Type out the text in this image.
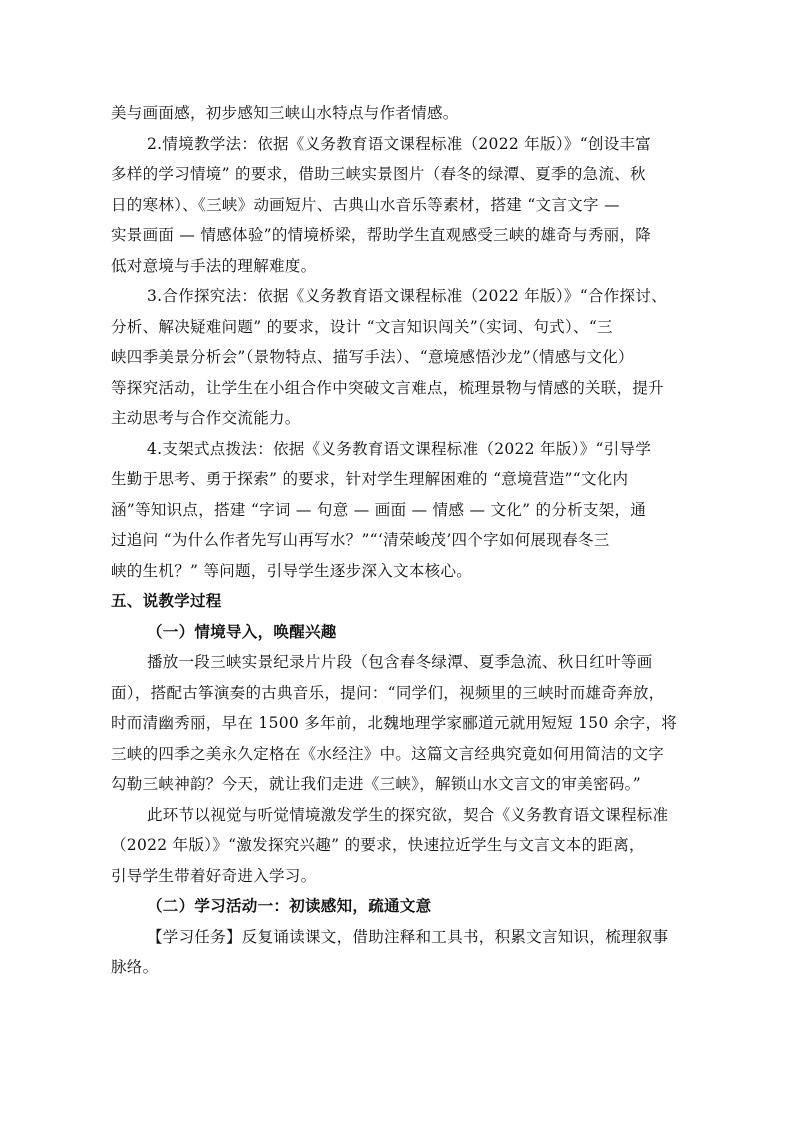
美与画面感，初步感知三峡山水特点与作者情感。
2.情境教学法：依据《义务教育语文课程标准（2022 年版）》“创设丰富
多样的学习情境” 的要求，借助三峡实景图片（春冬的绿潭、夏季的急流、秋
日的寒林）、《三峡》动画短片、古典山水音乐等素材，搭建 “文言文字 —
实景画面 — 情感体验”的情境桥梁，帮助学生直观感受三峡的雄奇与秀丽，降
低对意境与手法的理解难度。
3.合作探究法：依据《义务教育语文课程标准（2022 年版）》“合作探讨、
分析、解决疑难问题” 的要求，设计 “文言知识闯关”（实词、句式）、“三
峡四季美景分析会”（景物特点、描写手法）、“意境感悟沙龙”（情感与文化）
等探究活动，让学生在小组合作中突破文言难点，梳理景物与情感的关联，提升
主动思考与合作交流能力。
4.支架式点拨法：依据《义务教育语文课程标准（2022 年版）》“引导学
生勤于思考、勇于探索” 的要求，针对学生理解困难的 “意境营造”“文化内
涵”等知识点，搭建 “字词 — 句意 — 画面 — 情感 — 文化” 的分析支架，通
过追问 “为什么作者先写山再写水？”“‘清荣峻茂’四个字如何展现春冬三
峡的生机？” 等问题，引导学生逐步深入文本核心。
五、说教学过程
（一）情境导入，唤醒兴趣
播放一段三峡实景纪录片片段（包含春冬绿潭、夏季急流、秋日红叶等画
面），搭配古筝演奏的古典音乐，提问：“同学们，视频里的三峡时而雄奇奔放，
时而清幽秀丽，早在 1500 多年前，北魏地理学家郦道元就用短短 150 余字，将
三峡的四季之美永久定格在《水经注》中。这篇文言经典究竟如何用简洁的文字
勾勒三峡神韵？今天，就让我们走进《三峡》，解锁山水文言文的审美密码。”
此环节以视觉与听觉情境激发学生的探究欲，契合《义务教育语文课程标准
（2022 年版）》“激发探究兴趣” 的要求，快速拉近学生与文言文本的距离，
引导学生带着好奇进入学习。
（二）学习活动一：初读感知，疏通文意
【学习任务】反复诵读课文，借助注释和工具书，积累文言知识，梳理叙事
脉络。
